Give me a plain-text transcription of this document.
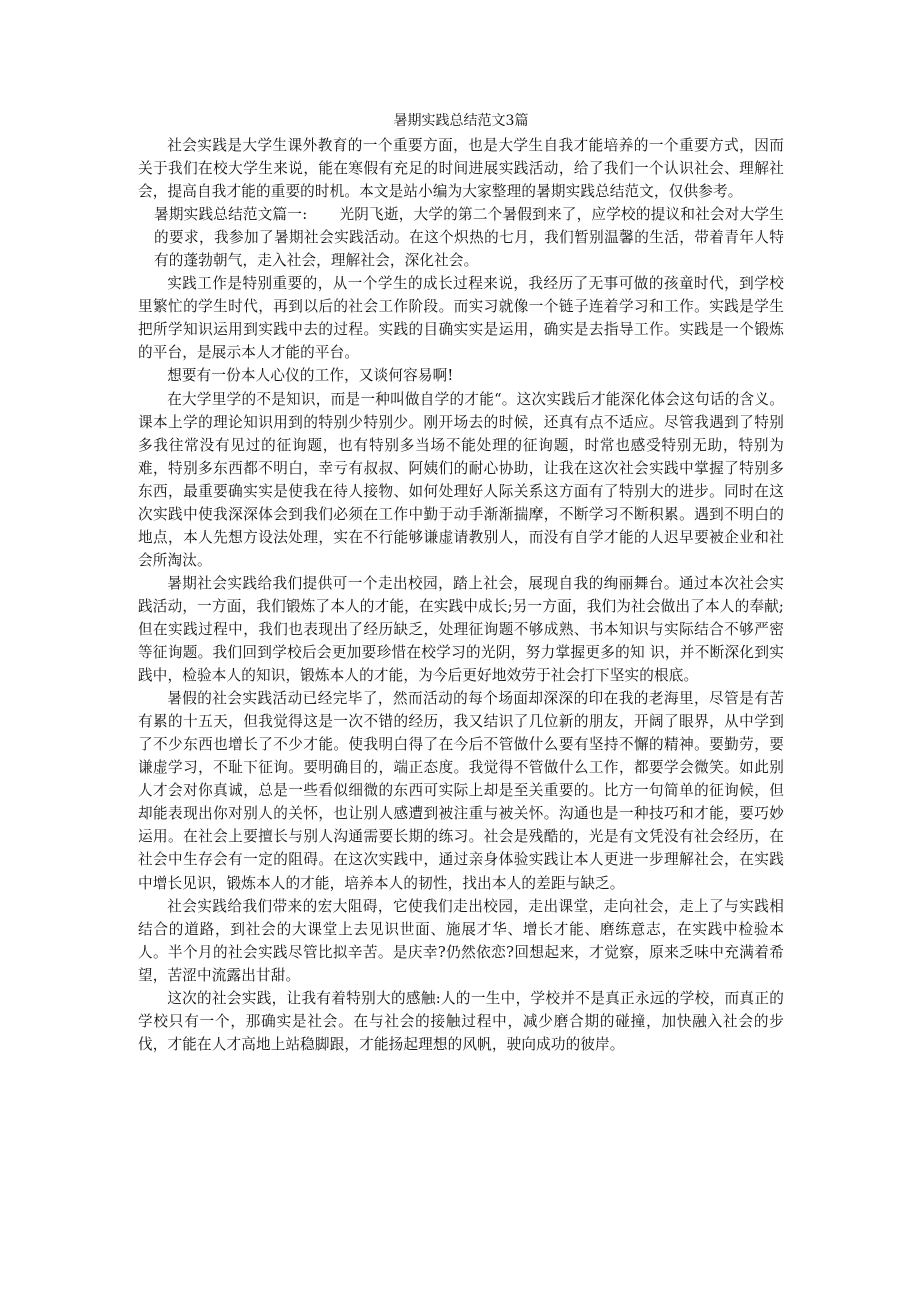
暑期实践总结范文3篇

社会实践是大学生课外教育的一个重要方面，也是大学生自我才能培养的一个重要方式，因而关于我们在校大学生来说，能在寒假有充足的时间进展实践活动，给了我们一个认识社会、理解社会，提高自我才能的重要的时机。本文是站小编为大家整理的暑期实践总结范文，仅供参考。

暑期实践总结范文篇一: 光阴飞逝，大学的第二个暑假到来了，应学校的提议和社会对大学生的要求，我参加了暑期社会实践活动。在这个炽热的七月，我们暂别温馨的生活，带着青年人特有的蓬勃朝气，走入社会，理解社会，深化社会。

实践工作是特别重要的，从一个学生的成长过程来说，我经历了无事可做的孩童时代，到学校里繁忙的学生时代，再到以后的社会工作阶段。而实习就像一个链子连着学习和工作。实践是学生把所学知识运用到实践中去的过程。实践的目确实实是运用，确实是去指导工作。实践是一个锻炼的平台，是展示本人才能的平台。

想要有一份本人心仪的工作，又谈何容易啊!

在大学里学的不是知识，而是一种叫做自学的才能“。这次实践后才能深化体会这句话的含义。课本上学的理论知识用到的特别少特别少。刚开场去的时候，还真有点不适应。尽管我遇到了特别多我往常没有见过的征询题，也有特别多当场不能处理的征询题，时常也感受特别无助，特别为难，特别多东西都不明白，幸亏有叔叔、阿姨们的耐心协助，让我在这次社会实践中掌握了特别多东西，最重要确实实是使我在待人接物、如何处理好人际关系这方面有了特别大的进步。同时在这次实践中使我深深体会到我们必须在工作中勤于动手渐渐揣摩，不断学习不断积累。遇到不明白的地点，本人先想方设法处理，实在不行能够谦虚请教别人，而没有自学才能的人迟早要被企业和社会所淘汰。

暑期社会实践给我们提供可一个走出校园，踏上社会，展现自我的绚丽舞台。通过本次社会实践活动，一方面，我们锻炼了本人的才能，在实践中成长;另一方面，我们为社会做出了本人的奉献;但在实践过程中，我们也表现出了经历缺乏，处理征询题不够成熟、书本知识与实际结合不够严密等征询题。我们回到学校后会更加要珍惜在校学习的光阴，努力掌握更多的知 识，并不断深化到实践中，检验本人的知识，锻炼本人的才能，为今后更好地效劳于社会打下坚实的根底。

暑假的社会实践活动已经完毕了，然而活动的每个场面却深深的印在我的老海里，尽管是有苦有累的十五天，但我觉得这是一次不错的经历，我又结识了几位新的朋友，开阔了眼界，从中学到了不少东西也增长了不少才能。使我明白得了在今后不管做什么要有坚持不懈的精神。要勤劳，要谦虚学习，不耻下征询。要明确目的，端正态度。我觉得不管做什么工作，都要学会微笑。如此别人才会对你真诚，总是一些看似细微的东西可实际上却是至关重要的。比方一句简单的征询候，但却能表现出你对别人的关怀，也让别人感遭到被注重与被关怀。沟通也是一种技巧和才能，要巧妙运用。在社会上要擅长与别人沟通需要长期的练习。社会是残酷的，光是有文凭没有社会经历，在社会中生存会有一定的阻碍。在这次实践中，通过亲身体验实践让本人更进一步理解社会，在实践中增长见识，锻炼本人的才能，培养本人的韧性，找出本人的差距与缺乏。

社会实践给我们带来的宏大阻碍，它使我们走出校园，走出课堂，走向社会，走上了与实践相结合的道路，到社会的大课堂上去见识世面、施展才华、增长才能、磨练意志，在实践中检验本人。半个月的社会实践尽管比拟辛苦。是庆幸?仍然依恋?回想起来，才觉察，原来乏味中充满着希望，苦涩中流露出甘甜。

这次的社会实践，让我有着特别大的感触:人的一生中，学校并不是真正永远的学校，而真正的学校只有一个，那确实是社会。在与社会的接触过程中，减少磨合期的碰撞，加快融入社会的步伐，才能在人才高地上站稳脚跟，才能扬起理想的风帆，驶向成功的彼岸。
